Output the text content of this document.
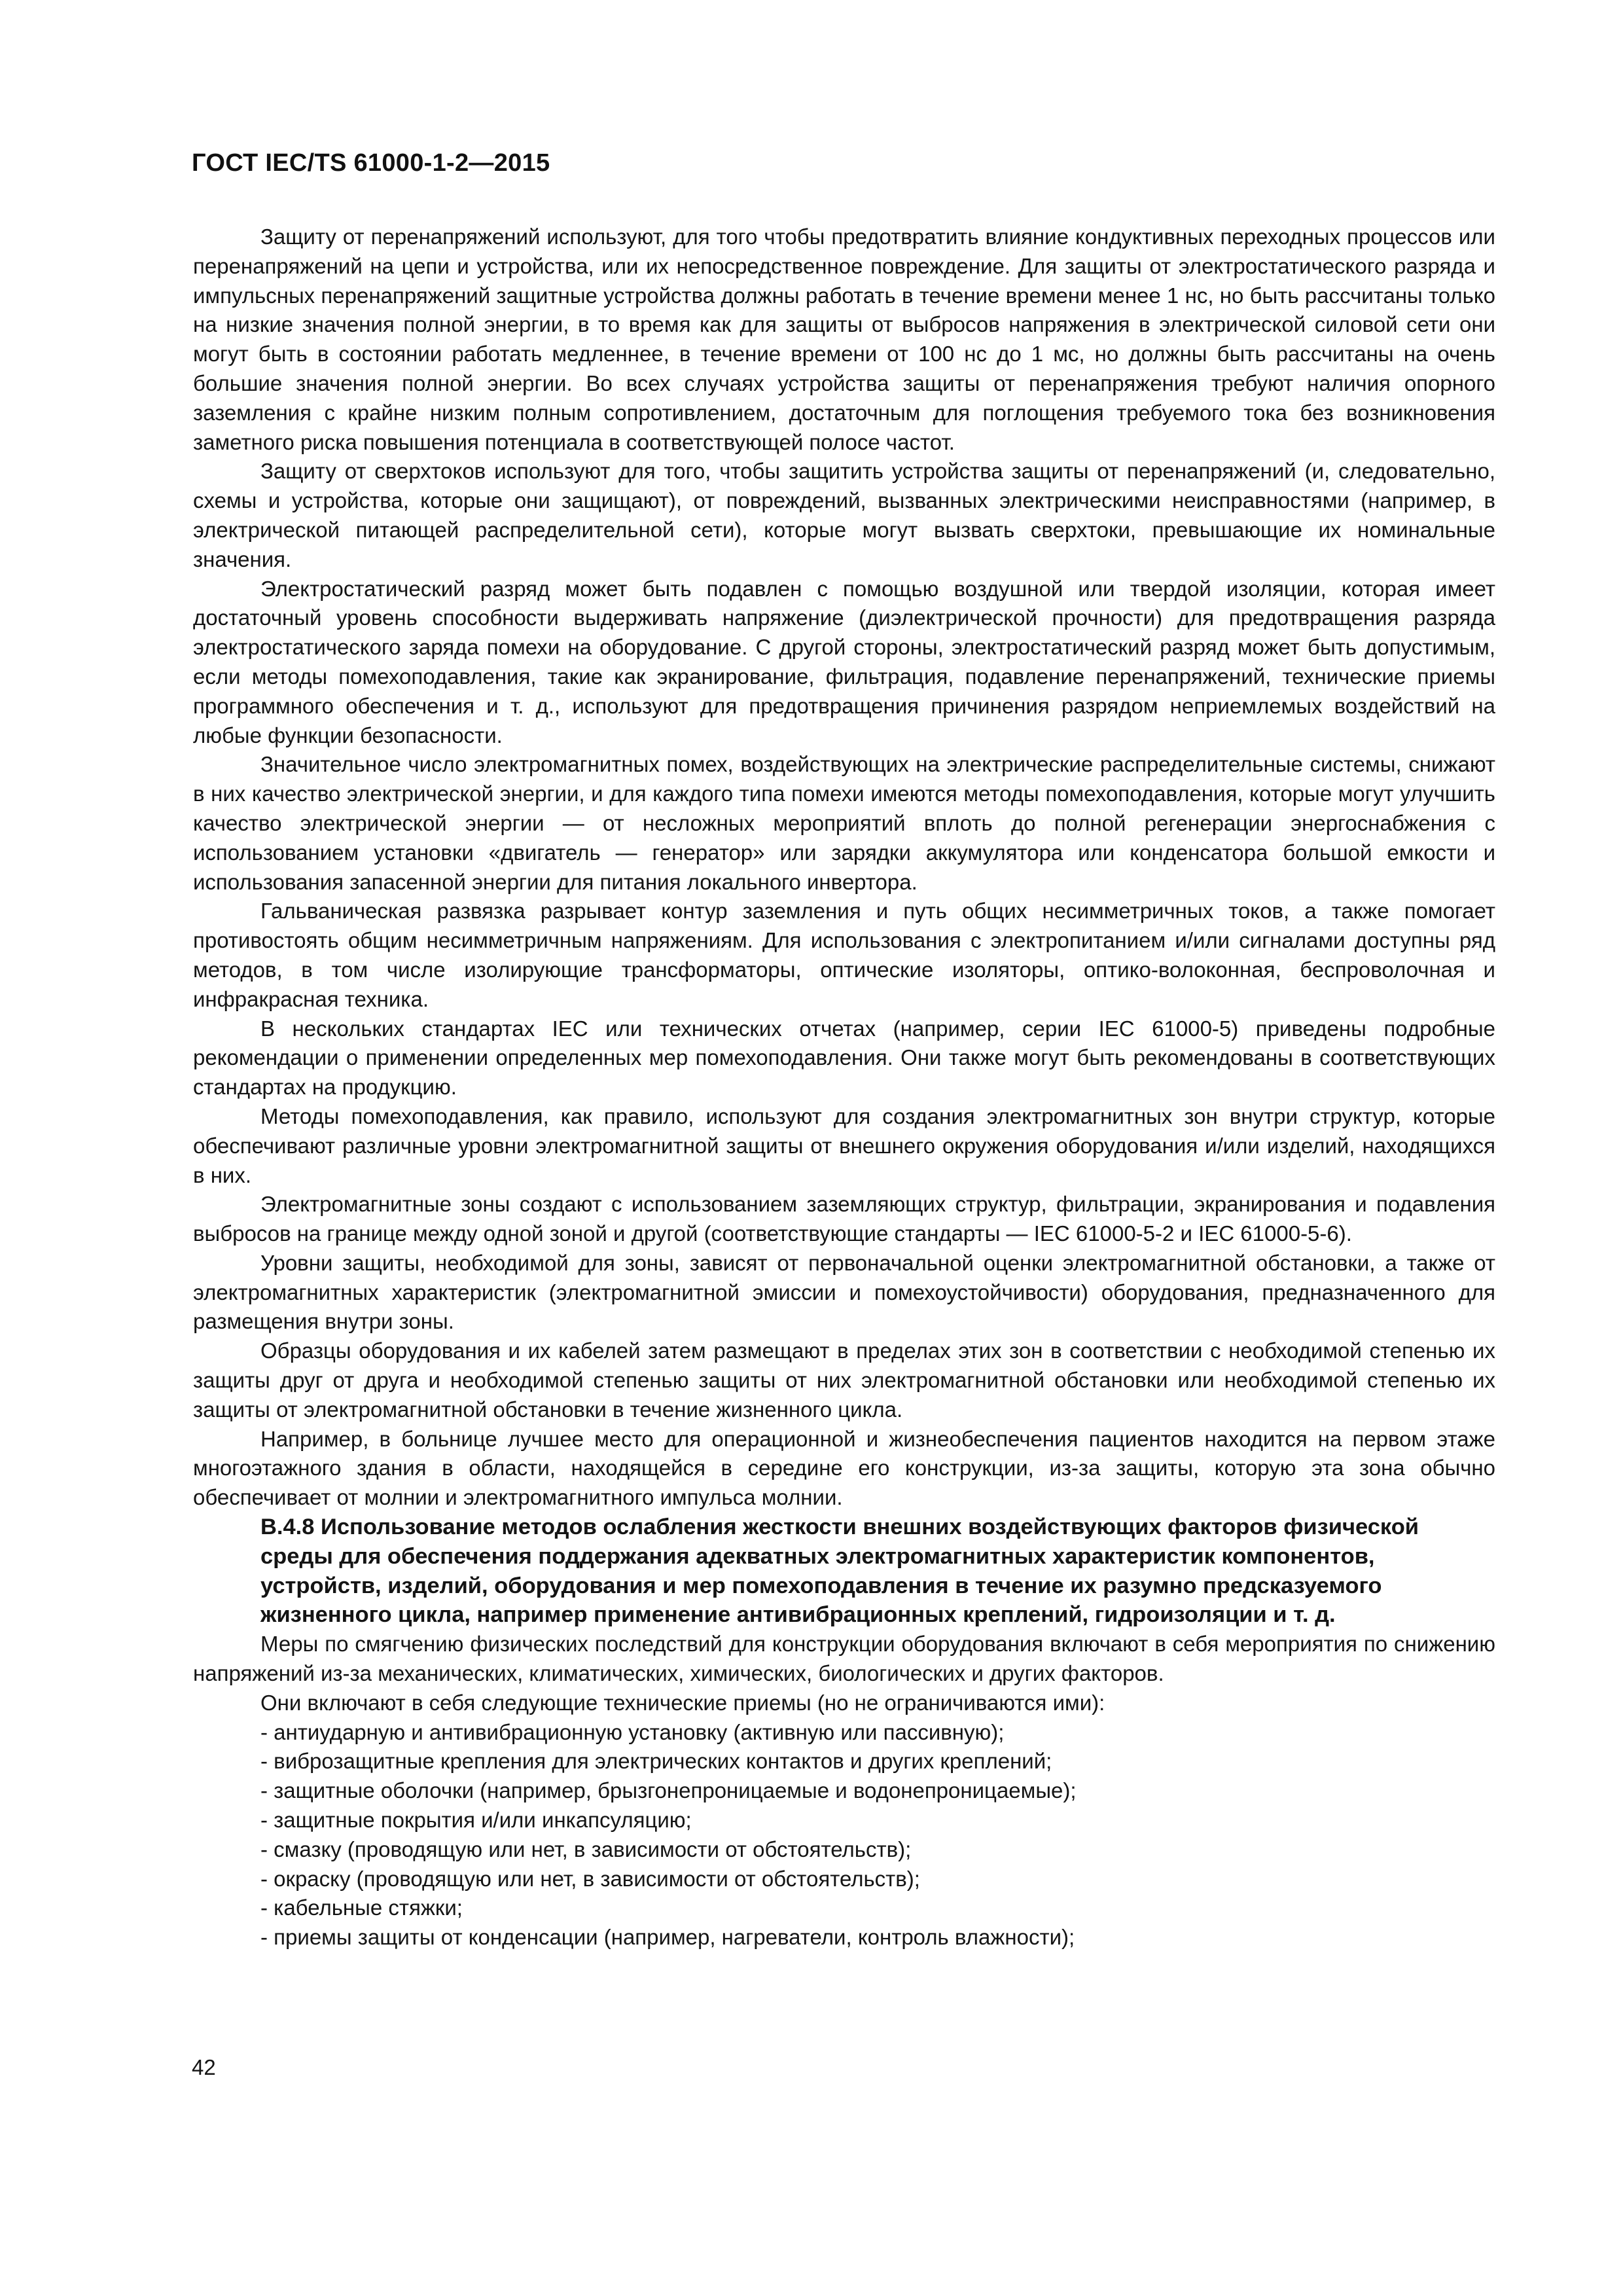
ГОСТ IEC/TS 61000-1-2—2015

Защиту от перенапряжений используют, для того чтобы предотвратить влияние кондуктивных переходных процессов или перенапряжений на цепи и устройства, или их непосредственное повреждение. Для защиты от электростатического разряда и импульсных перенапряжений защитные устройства должны работать в течение времени менее 1 нс, но быть рассчитаны только на низкие значения полной энергии, в то время как для защиты от выбросов напряжения в электрической силовой сети они могут быть в состоянии работать медленнее, в течение времени от 100 нс до 1 мс, но должны быть рассчитаны на очень большие значения полной энергии. Во всех случаях устройства защиты от перенапряжения требуют наличия опорного заземления с крайне низким полным сопротивлением, достаточным для поглощения требуемого тока без возникновения заметного риска повышения потенциала в соответствующей полосе частот.

Защиту от сверхтоков используют для того, чтобы защитить устройства защиты от перенапряжений (и, следовательно, схемы и устройства, которые они защищают), от повреждений, вызванных электрическими неисправностями (например, в электрической питающей распределительной сети), которые могут вызвать сверхтоки, превышающие их номинальные значения.

Электростатический разряд может быть подавлен с помощью воздушной или твердой изоляции, которая имеет достаточный уровень способности выдерживать напряжение (диэлектрической прочности) для предотвращения разряда электростатического заряда помехи на оборудование. С другой стороны, электростатический разряд может быть допустимым, если методы помехоподавления, такие как экранирование, фильтрация, подавление перенапряжений, технические приемы программного обеспечения и т. д., используют для предотвращения причинения разрядом неприемлемых воздействий на любые функции безопасности.

Значительное число электромагнитных помех, воздействующих на электрические распределительные системы, снижают в них качество электрической энергии, и для каждого типа помехи имеются методы помехоподавления, которые могут улучшить качество электрической энергии — от несложных мероприятий вплоть до полной регенерации энергоснабжения с использованием установки «двигатель — генератор» или зарядки аккумулятора или конденсатора большой емкости и использования запасенной энергии для питания локального инвертора.

Гальваническая развязка разрывает контур заземления и путь общих несимметричных токов, а также помогает противостоять общим несимметричным напряжениям. Для использования с электропитанием и/или сигналами доступны ряд методов, в том числе изолирующие трансформаторы, оптические изоляторы, оптико-волоконная, беспроволочная и инфракрасная техника.

В нескольких стандартах IEC или технических отчетах (например, серии IEC 61000-5) приведены подробные рекомендации о применении определенных мер помехоподавления. Они также могут быть рекомендованы в соответствующих стандартах на продукцию.

Методы помехоподавления, как правило, используют для создания электромагнитных зон внутри структур, которые обеспечивают различные уровни электромагнитной защиты от внешнего окружения оборудования и/или изделий, находящихся в них.

Электромагнитные зоны создают с использованием заземляющих структур, фильтрации, экранирования и подавления выбросов на границе между одной зоной и другой (соответствующие стандарты — IEC 61000-5-2 и IEC 61000-5-6).

Уровни защиты, необходимой для зоны, зависят от первоначальной оценки электромагнитной обстановки, а также от электромагнитных характеристик (электромагнитной эмиссии и помехоустойчивости) оборудования, предназначенного для размещения внутри зоны.

Образцы оборудования и их кабелей затем размещают в пределах этих зон в соответствии с необходимой степенью их защиты друг от друга и необходимой степенью защиты от них электромагнитной обстановки или необходимой степенью их защиты от электромагнитной обстановки в течение жизненного цикла.

Например, в больнице лучшее место для операционной и жизнеобеспечения пациентов находится на первом этаже многоэтажного здания в области, находящейся в середине его конструкции, из-за защиты, которую эта зона обычно обеспечивает от молнии и электромагнитного импульса молнии.

В.4.8 Использование методов ослабления жесткости внешних воздействующих факторов физической среды для обеспечения поддержания адекватных электромагнитных характеристик компонентов, устройств, изделий, оборудования и мер помехоподавления в течение их разумно предсказуемого жизненного цикла, например применение антивибрационных креплений, гидроизоляции и т. д.

Меры по смягчению физических последствий для конструкции оборудования включают в себя мероприятия по снижению напряжений из-за механических, климатических, химических, биологических и других факторов.

Они включают в себя следующие технические приемы (но не ограничиваются ими):

- антиударную и антивибрационную установку (активную или пассивную);
- виброзащитные крепления для электрических контактов и других креплений;
- защитные оболочки (например, брызгонепроницаемые и водонепроницаемые);
- защитные покрытия и/или инкапсуляцию;
- смазку (проводящую или нет, в зависимости от обстоятельств);
- окраску (проводящую или нет, в зависимости от обстоятельств);
- кабельные стяжки;
- приемы защиты от конденсации (например, нагреватели, контроль влажности);
42
